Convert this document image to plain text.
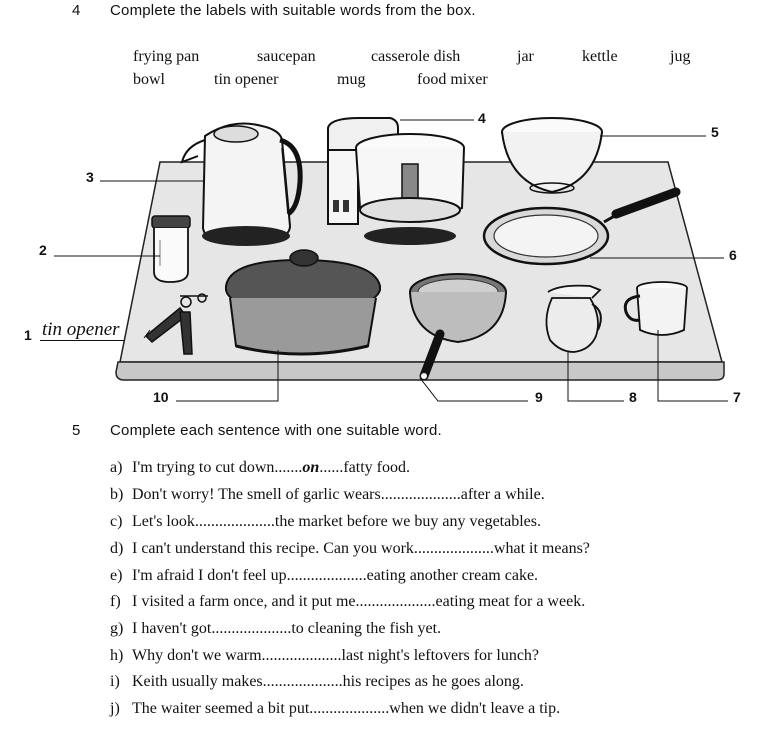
4 Complete the labels with suitable words from the box.
frying pan	saucepan	casserole dish	jar	kettle	jug
bowl	tin opener	mug	food mixer
1
2
3
4
5
6
7
8
9
10
tin opener
5 Complete each sentence with one suitable word.
a) I'm trying to cut down.......on......fatty food.
b) Don't worry! The smell of garlic wears....................after a while.
c) Let's look....................the market before we buy any vegetables.
d) I can't understand this recipe. Can you work....................what it means?
e) I'm afraid I don't feel up....................eating another cream cake.
f) I visited a farm once, and it put me....................eating meat for a week.
g) I haven't got....................to cleaning the fish yet.
h) Why don't we warm....................last night's leftovers for lunch?
i) Keith usually makes....................his recipes as he goes along.
j) The waiter seemed a bit put....................when we didn't leave a tip.
